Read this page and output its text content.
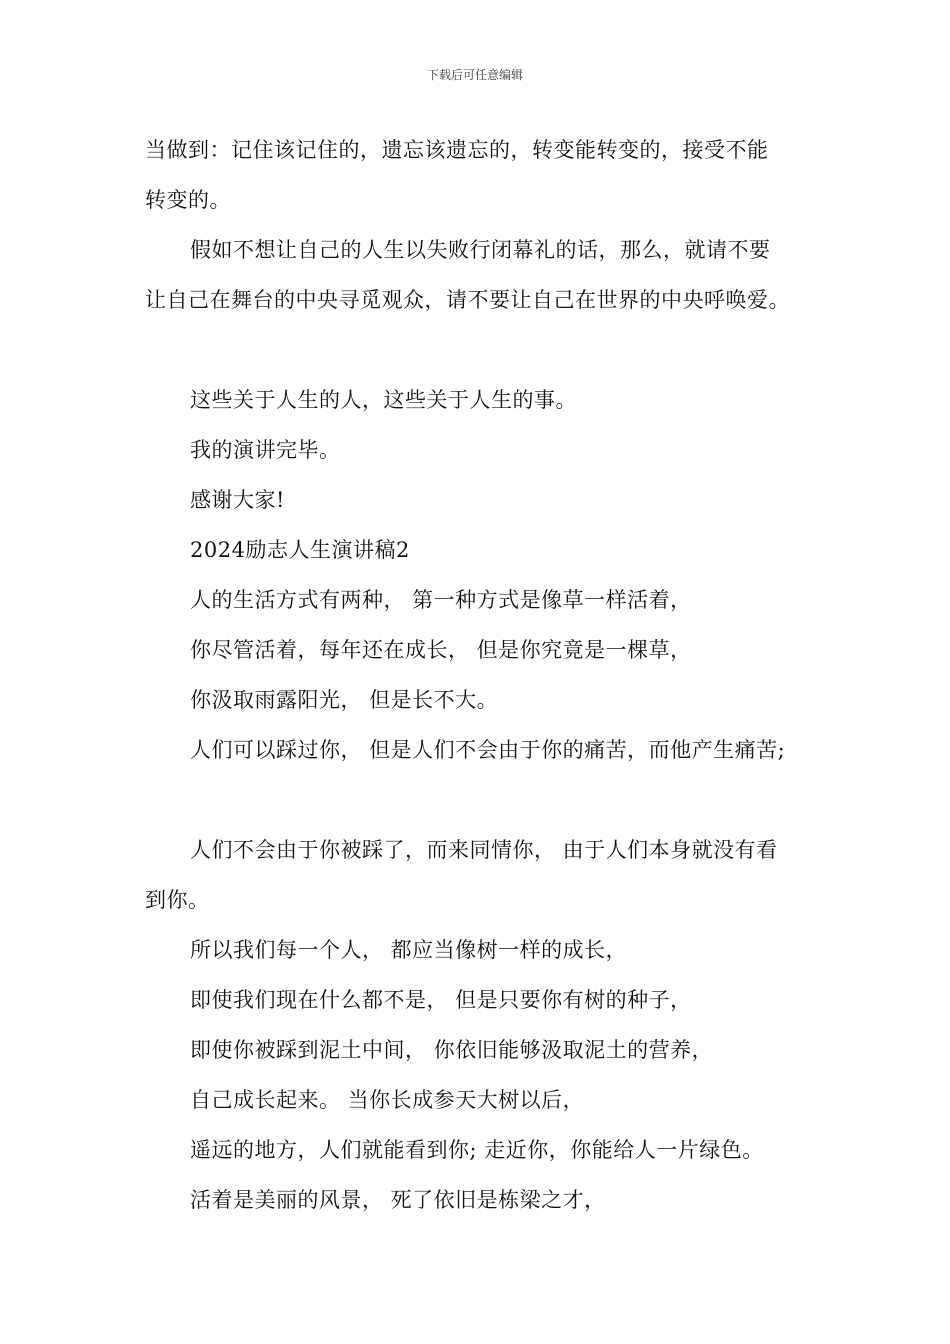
下载后可任意编辑
当做到：记住该记住的，遗忘该遗忘的，转变能转变的，接受不能
转变的。
假如不想让自己的人生以失败行闭幕礼的话，那么，就请不要
让自己在舞台的中央寻觅观众，请不要让自己在世界的中央呼唤爱。
这些关于人生的人，这些关于人生的事。
我的演讲完毕。
感谢大家!
2024励志人生演讲稿2
人的生活方式有两种， 第一种方式是像草一样活着，
你尽管活着，每年还在成长， 但是你究竟是一棵草，
你汲取雨露阳光， 但是长不大。
人们可以踩过你， 但是人们不会由于你的痛苦，而他产生痛苦;
人们不会由于你被踩了，而来同情你， 由于人们本身就没有看
到你。
所以我们每一个人， 都应当像树一样的成长，
即使我们现在什么都不是， 但是只要你有树的种子，
即使你被踩到泥土中间， 你依旧能够汲取泥土的营养，
自己成长起来。 当你长成参天大树以后，
遥远的地方，人们就能看到你; 走近你，你能给人一片绿色。
活着是美丽的风景， 死了依旧是栋梁之才，
